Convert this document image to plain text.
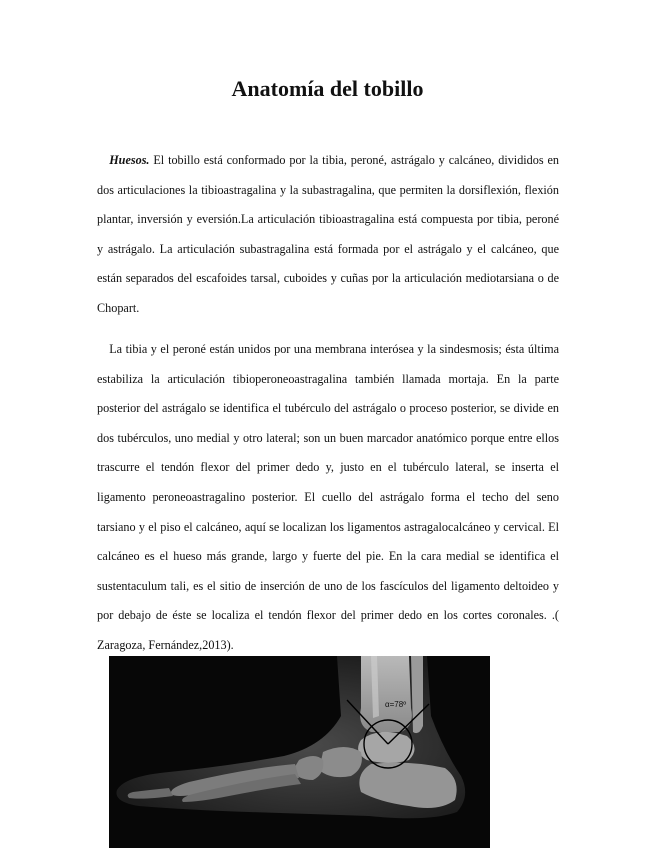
Anatomía del tobillo

 Huesos. El tobillo está conformado por la tibia, peroné, astrágalo y calcáneo, divididos en dos articulaciones la tibioastragalina y la subastragalina, que permiten la dorsiflexión, flexión plantar, inversión y eversión.La articulación tibioastragalina está compuesta por tibia, peroné y astrágalo. La articulación subastragalina está formada por el astrágalo y el calcáneo, que están separados del escafoides tarsal, cuboides y cuñas por la articulación mediotarsiana o de Chopart.

 La tibia y el peroné están unidos por una membrana interósea y la sindesmosis; ésta última estabiliza la articulación tibioperoneoastragalina también llamada mortaja. En la parte posterior del astrágalo se identifica el tubérculo del astrágalo o proceso posterior, se divide en dos tubérculos, uno medial y otro lateral; son un buen marcador anatómico porque entre ellos trascurre el tendón flexor del primer dedo y, justo en el tubérculo lateral, se inserta el ligamento peroneoastragalino posterior. El cuello del astrágalo forma el techo del seno tarsiano y el piso el calcáneo, aquí se localizan los ligamentos astragalocalcáneo y cervical. El calcáneo es el hueso más grande, largo y fuerte del pie. En la cara medial se identifica el sustentaculum tali, es el sitio de inserción de uno de los fascículos del ligamento deltoideo y por debajo de éste se localiza el tendón flexor del primer dedo en los cortes coronales. .( Zaragoza, Fernández,2013).

α=78º
